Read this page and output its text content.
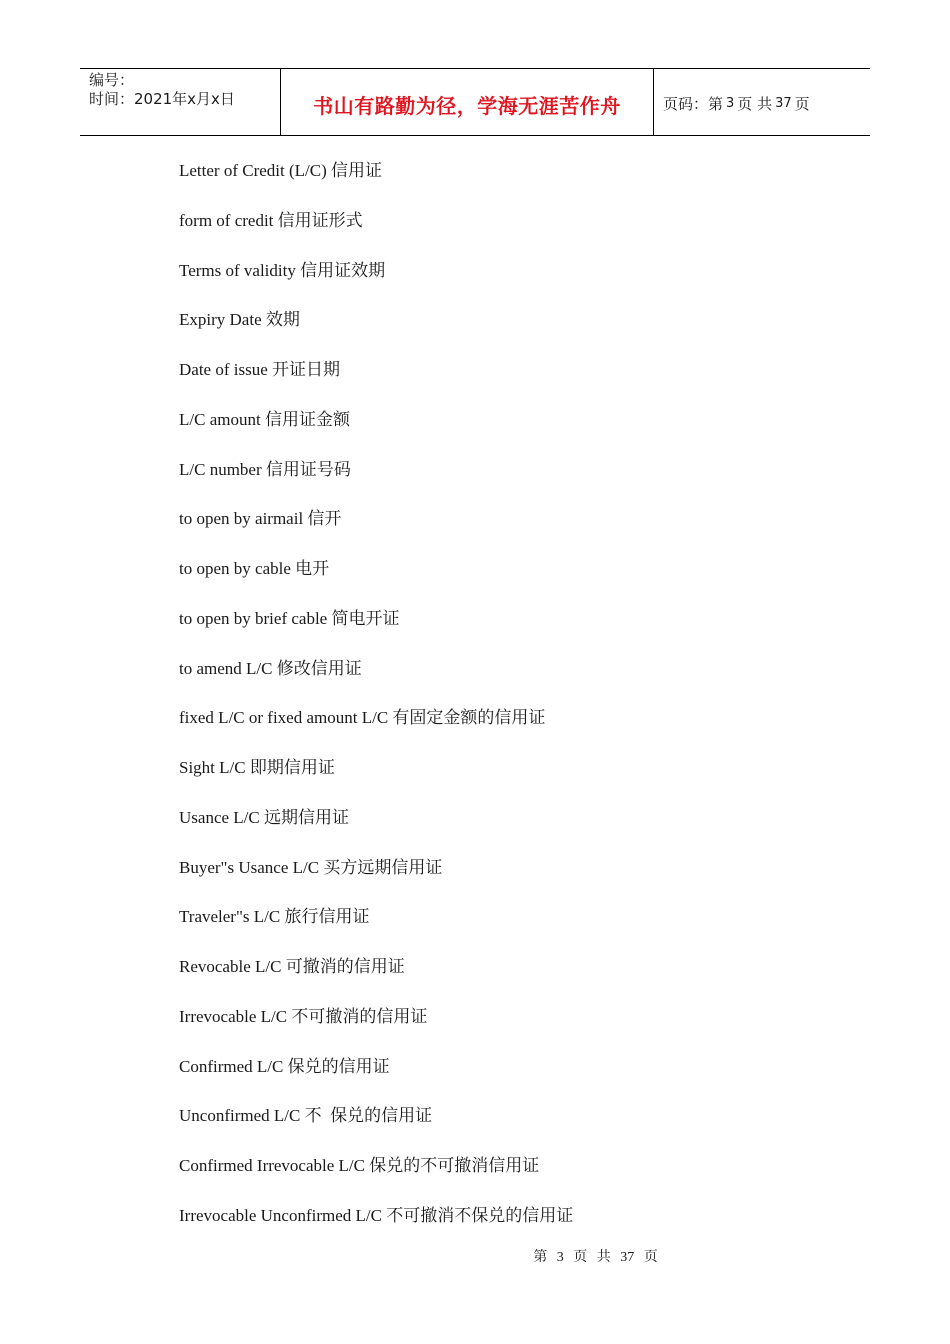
编号：
时间：2021年x月x日	书山有路勤为径，学海无涯苦作舟	页码：第 3 页 共 37 页
Letter of Credit (L/C) 信用证
form of credit 信用证形式
Terms of validity 信用证效期
Expiry Date 效期
Date of issue 开证日期
L/C amount 信用证金额
L/C number 信用证号码
to open by airmail 信开
to open by cable 电开
to open by brief cable 简电开证
to amend L/C 修改信用证
fixed L/C or fixed amount L/C 有固定金额的信用证
Sight L/C 即期信用证
Usance L/C 远期信用证
Buyer"s Usance L/C 买方远期信用证
Traveler"s L/C 旅行信用证
Revocable L/C 可撤消的信用证
Irrevocable L/C 不可撤消的信用证
Confirmed L/C 保兑的信用证
Unconfirmed L/C 不  保兑的信用证
Confirmed Irrevocable L/C 保兑的不可撤消信用证
Irrevocable Unconfirmed L/C 不可撤消不保兑的信用证
第 3 页 共 37 页
